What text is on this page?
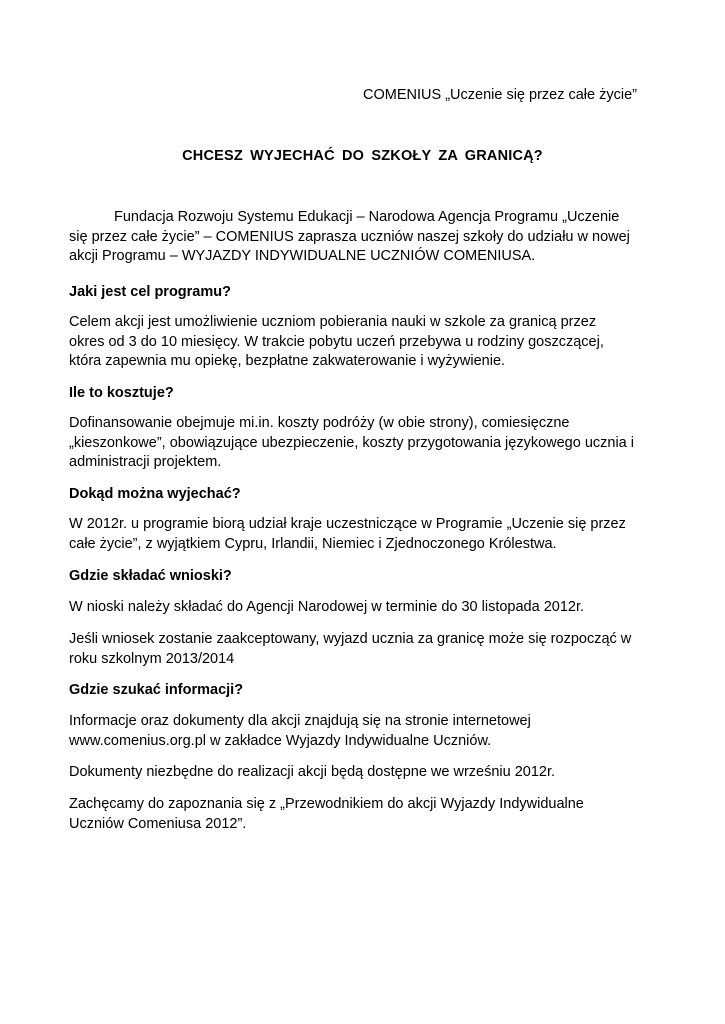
COMENIUS „Uczenie się przez całe życie”
CHCESZ WYJECHAĆ DO SZKOŁY ZA GRANICĄ?
Fundacja Rozwoju Systemu Edukacji – Narodowa Agencja Programu „Uczenie
się przez całe życie” – COMENIUS zaprasza uczniów naszej szkoły do udziału w nowej
akcji Programu – WYJAZDY INDYWIDUALNE UCZNIÓW COMENIUSA.
Jaki jest cel programu?
Celem akcji jest umożliwienie uczniom pobierania nauki w szkole za granicą przez
okres od 3 do 10 miesięcy. W trakcie pobytu uczeń przebywa u rodziny goszczącej,
która zapewnia mu opiekę, bezpłatne zakwaterowanie i wyżywienie.
Ile to kosztuje?
Dofinansowanie obejmuje mi.in. koszty podróży (w obie strony), comiesięczne
„kieszonkowe”, obowiązujące ubezpieczenie, koszty przygotowania językowego ucznia i
administracji projektem.
Dokąd można wyjechać?
W 2012r. u programie biorą udział kraje uczestniczące w Programie „Uczenie się przez
całe życie”, z wyjątkiem Cypru, Irlandii, Niemiec i Zjednoczonego Królestwa.
Gdzie składać wnioski?
W nioski należy składać do Agencji Narodowej w terminie do 30 listopada 2012r.
Jeśli wniosek zostanie zaakceptowany, wyjazd ucznia za granicę może się rozpocząć w
roku szkolnym 2013/2014
Gdzie szukać informacji?
Informacje oraz dokumenty dla akcji znajdują się na stronie internetowej
www.comenius.org.pl w zakładce Wyjazdy Indywidualne Uczniów.
Dokumenty niezbędne do realizacji akcji będą dostępne we wrześniu 2012r.
Zachęcamy do zapoznania się z „Przewodnikiem do akcji Wyjazdy Indywidualne
Uczniów Comeniusa 2012”.
